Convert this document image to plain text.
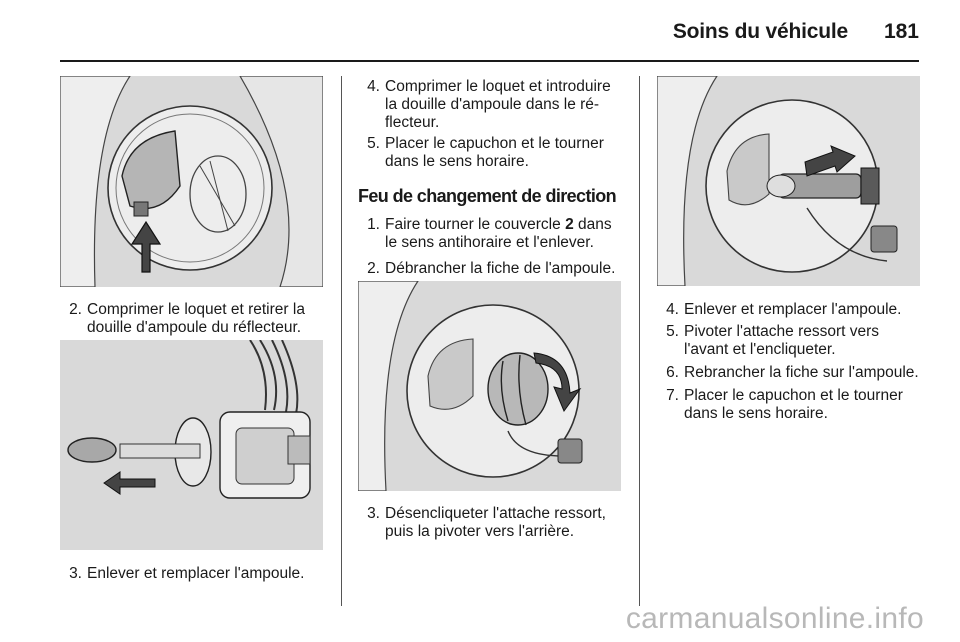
Soins du véhicule 181
2. Comprimer le loquet et retirer la douille d'ampoule du réflecteur.
3. Enlever et remplacer l'ampoule.
4. Comprimer le loquet et introduire la douille d'ampoule dans le ré-flecteur.
5. Placer le capuchon et le tourner dans le sens horaire.
Feu de changement de direction
1. Faire tourner le couvercle 2 dans le sens antihoraire et l'enlever.
2. Débrancher la fiche de l'ampoule.
3. Désencliqueter l'attache ressort, puis la pivoter vers l'arrière.
4. Enlever et remplacer l'ampoule.
5. Pivoter l'attache ressort vers l'avant et l'encliqueter.
6. Rebrancher la fiche sur l'ampoule.
7. Placer le capuchon et le tourner dans le sens horaire.
carmanualsonline.info
